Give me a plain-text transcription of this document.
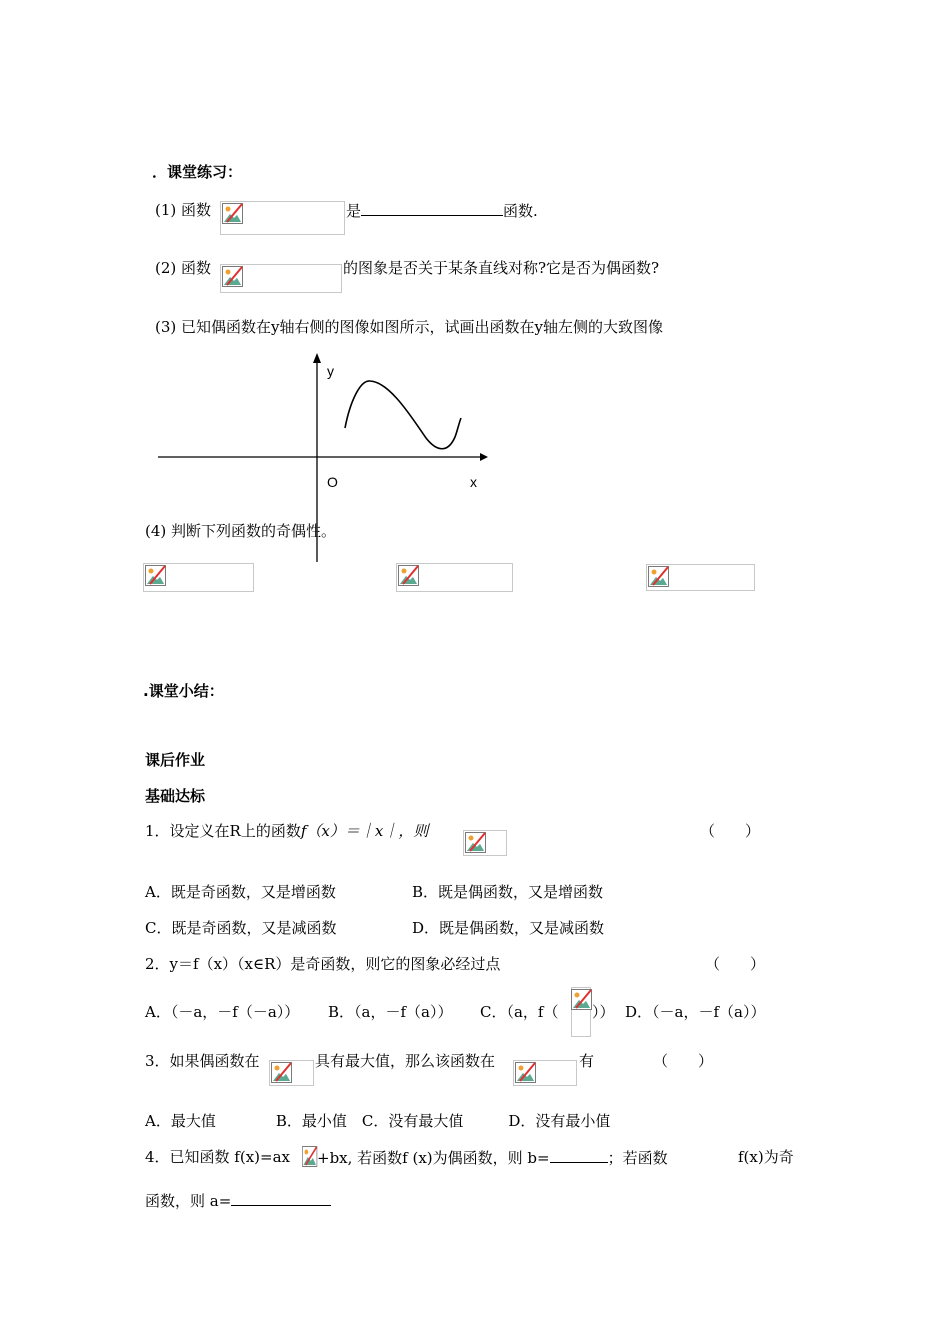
．课堂练习：
(1) 函数	是	函数.
(2) 函数	的图象是否关于某条直线对称?它是否为偶函数?
(3) 已知偶函数在y轴右侧的图像如图所示，试画出函数在y轴左侧的大致图像
y
x
O
(4) 判断下列函数的奇偶性。
.课堂小结：
课后作业
基础达标
1．设定义在R上的函数f（x）＝｜x｜，则	（　　）
A．既是奇函数，又是增函数	B．既是偶函数，又是增函数
C．既是奇函数，又是减函数	D．既是偶函数，又是减函数
2．y＝f（x）（x∈R）是奇函数，则它的图象必经过点	（　　）
A．（－a，－f（－a）） B．（a，－f（a）） C．（a，f（ ）） D．（－a，－f（a））
3．如果偶函数在	具有最大值，那么该函数在	有	（　　）
A．最大值　　　　B．最小值　C．没有最大值　　　D．没有最小值
4．已知函数 f(x)=ax +bx, 若函数f (x)为偶函数，则 b=	；若函数	f(x)为奇
函数，则 a=
